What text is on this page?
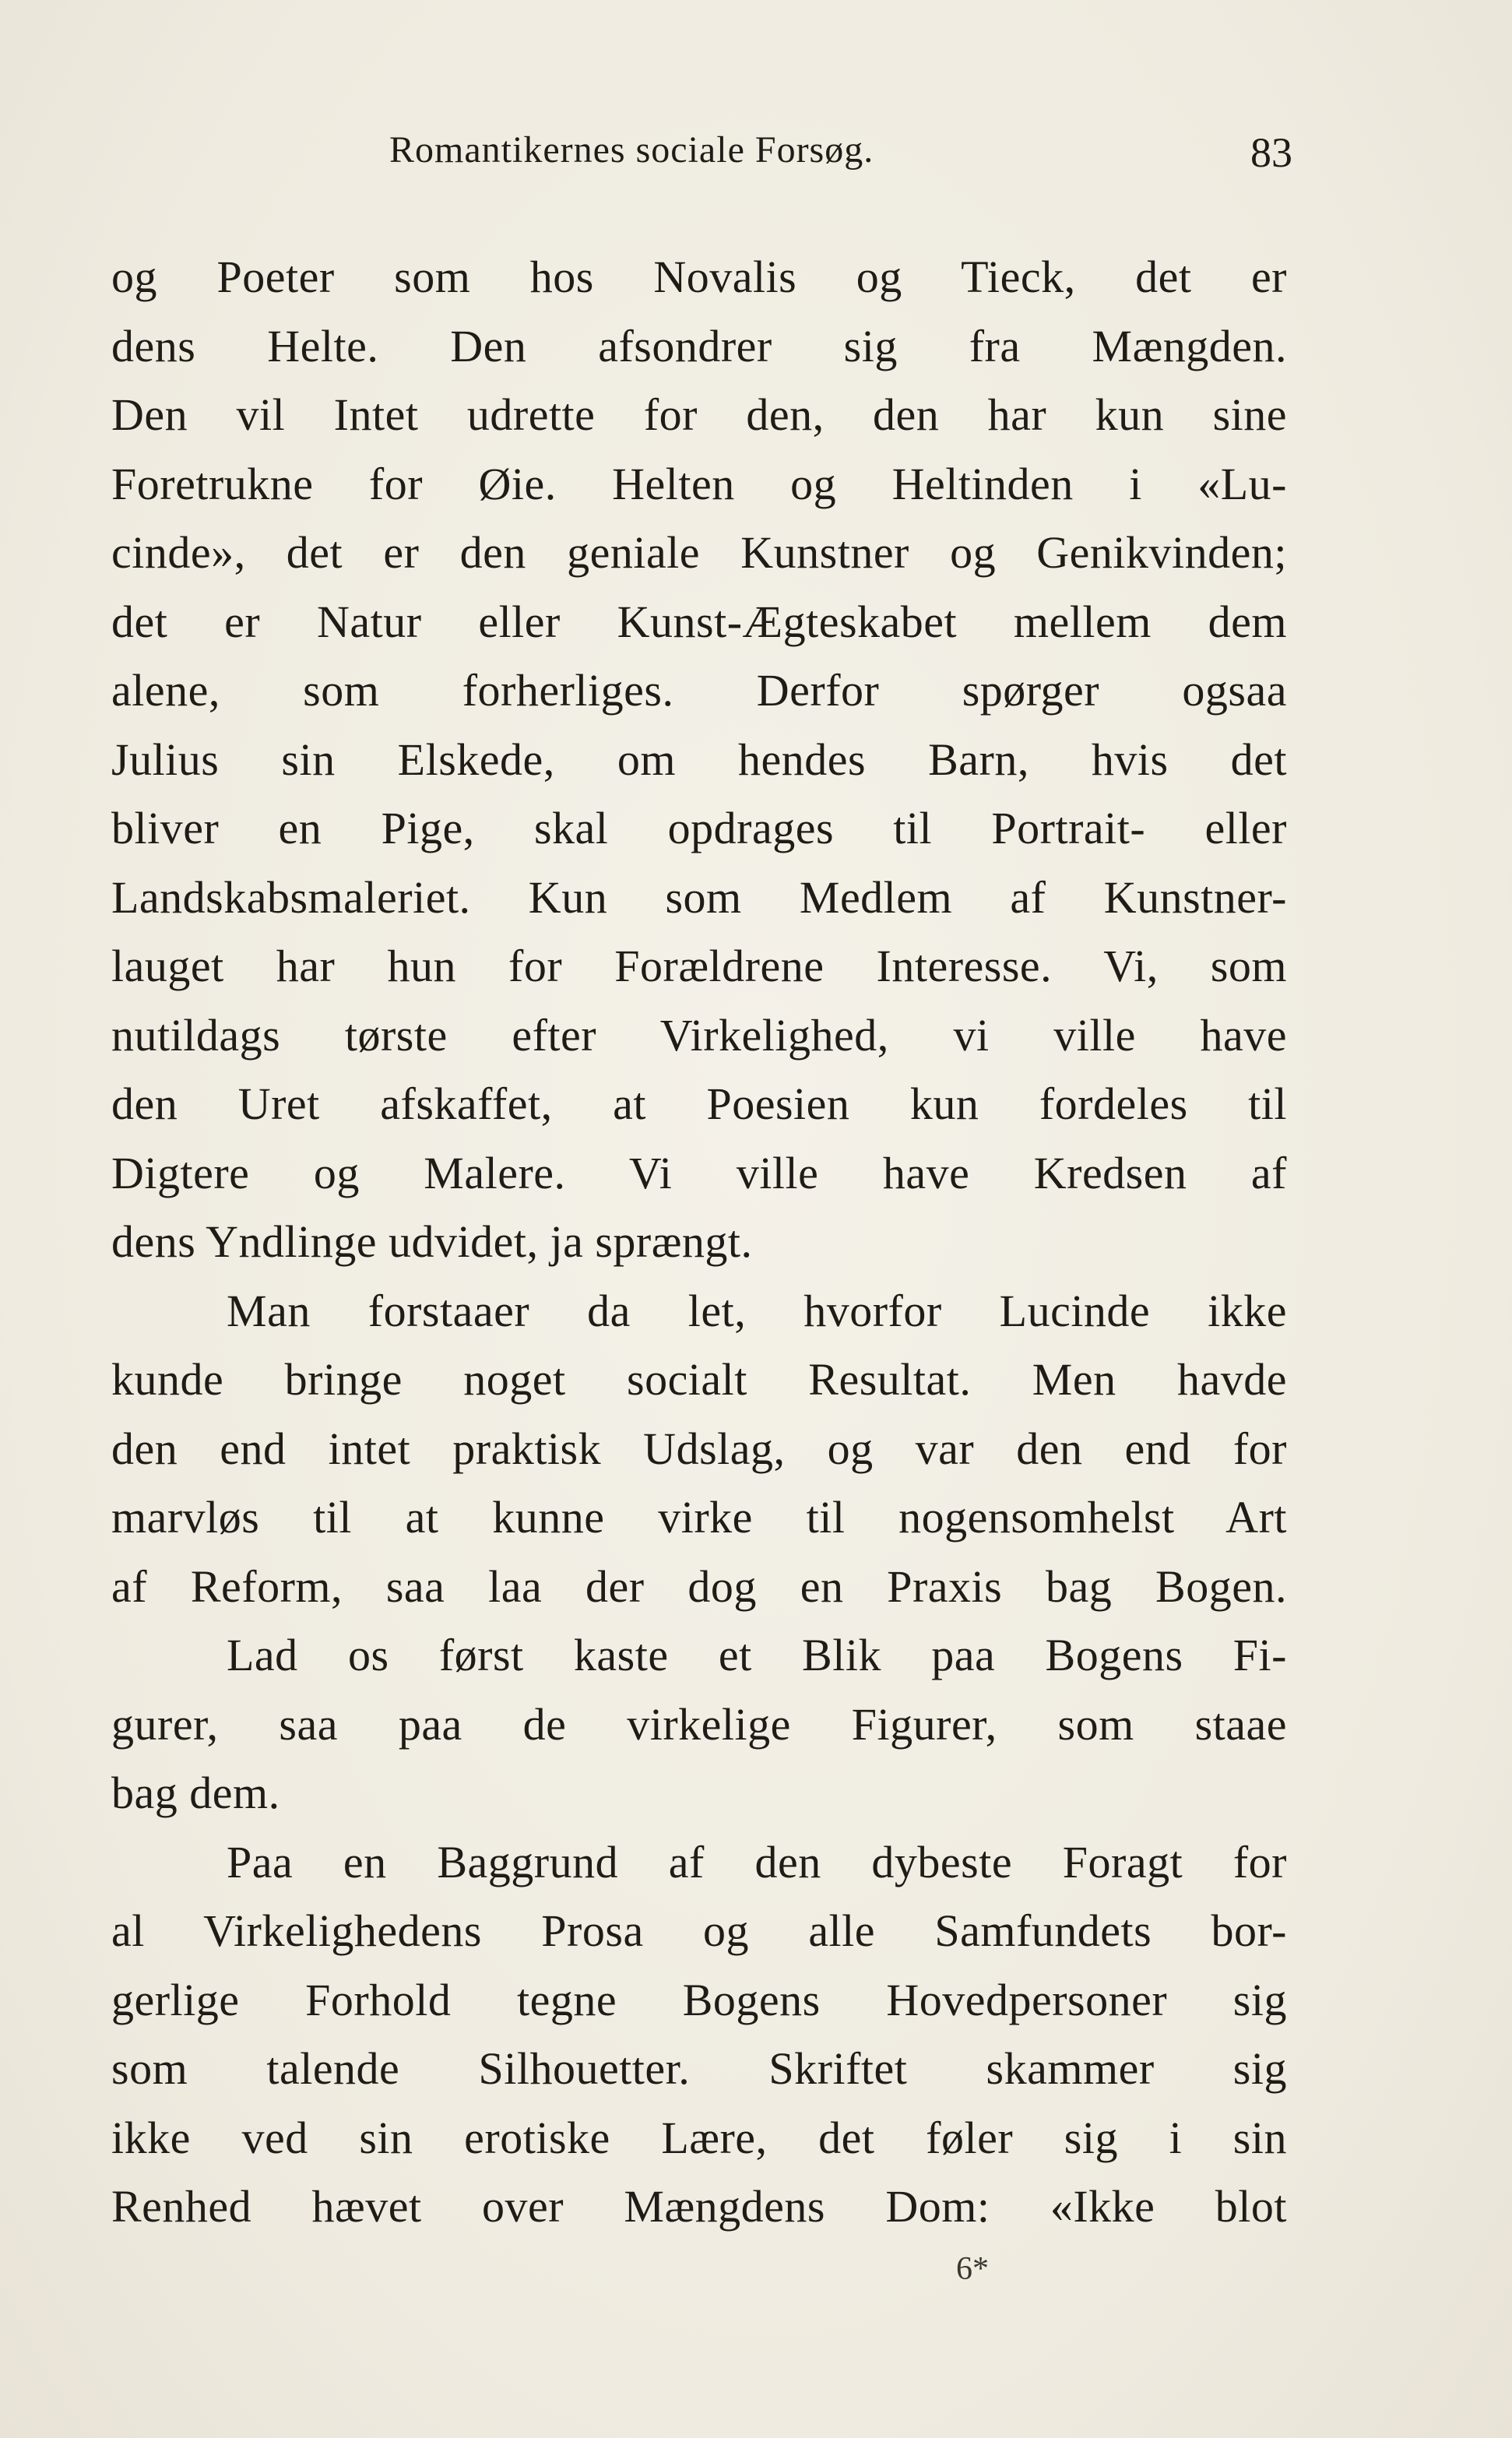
Romantikernes sociale Forsøg.	83
og Poeter som hos Novalis og Tieck, det er
dens Helte. Den afsondrer sig fra Mængden.
Den vil Intet udrette for den, den har kun sine
Foretrukne for Øie. Helten og Heltinden i «Lu-
cinde», det er den geniale Kunstner og Genikvinden;
det er Natur eller Kunst-Ægteskabet mellem dem
alene, som forherliges. Derfor spørger ogsaa
Julius sin Elskede, om hendes Barn, hvis det
bliver en Pige, skal opdrages til Portrait- eller
Landskabsmaleriet. Kun som Medlem af Kunstner-
lauget har hun for Forældrene Interesse. Vi, som
nutildags tørste efter Virkelighed, vi ville have
den Uret afskaffet, at Poesien kun fordeles til
Digtere og Malere. Vi ville have Kredsen af
dens Yndlinge udvidet, ja sprængt.
Man forstaaer da let, hvorfor Lucinde ikke
kunde bringe noget socialt Resultat. Men havde
den end intet praktisk Udslag, og var den end for
marvløs til at kunne virke til nogensomhelst Art
af Reform, saa laa der dog en Praxis bag Bogen.
Lad os først kaste et Blik paa Bogens Fi-
gurer, saa paa de virkelige Figurer, som staae
bag dem.
Paa en Baggrund af den dybeste Foragt for
al Virkelighedens Prosa og alle Samfundets bor-
gerlige Forhold tegne Bogens Hovedpersoner sig
som talende Silhouetter. Skriftet skammer sig
ikke ved sin erotiske Lære, det føler sig i sin
Renhed hævet over Mængdens Dom: «Ikke blot
6*
